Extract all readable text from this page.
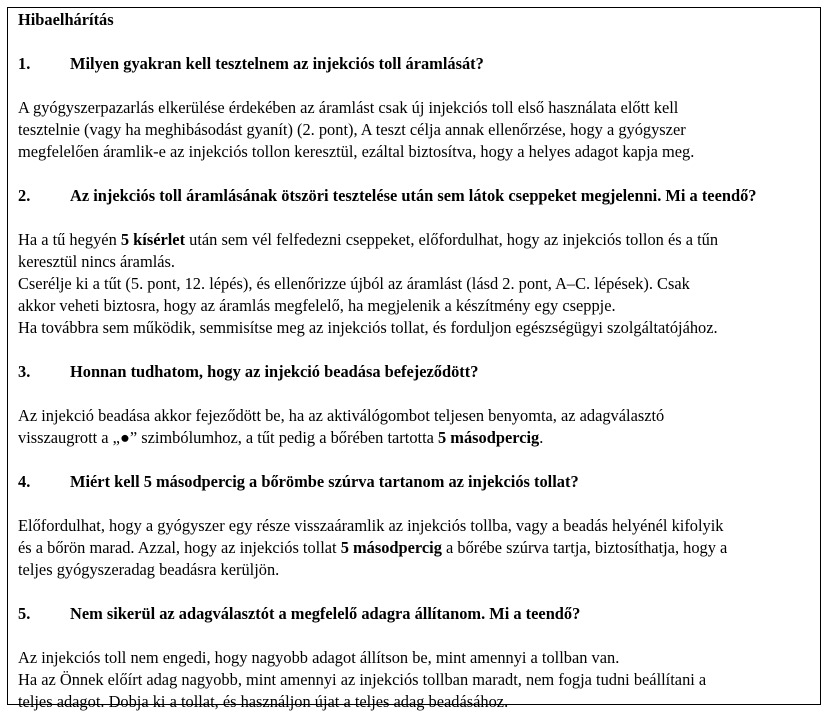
Hibaelhárítás

1.	Milyen gyakran kell tesztelnem az injekciós toll áramlását?

A gyógyszerpazarlás elkerülése érdekében az áramlást csak új injekciós toll első használata előtt kell

tesztelnie (vagy ha meghibásodást gyanít) (2. pont), A teszt célja annak ellenőrzése, hogy a gyógyszer

megfelelően áramlik-e az injekciós tollon keresztül, ezáltal biztosítva, hogy a helyes adagot kapja meg.

2.	Az injekciós toll áramlásának ötszöri tesztelése után sem látok cseppeket megjelenni. Mi a teendő?

Ha a tű hegyén 5 kísérlet után sem vél felfedezni cseppeket, előfordulhat, hogy az injekciós tollon és a tűn

keresztül nincs áramlás.

Cserélje ki a tűt (5. pont, 12. lépés), és ellenőrizze újból az áramlást (lásd 2. pont, A–C. lépések). Csak

akkor veheti biztosra, hogy az áramlás megfelelő, ha megjelenik a készítmény egy cseppje.

Ha továbbra sem működik, semmisítse meg az injekciós tollat, és forduljon egészségügyi szolgáltatójához.

3.	Honnan tudhatom, hogy az injekció beadása befejeződött?

Az injekció beadása akkor fejeződött be, ha az aktiválógombot teljesen benyomta, az adagválasztó

visszaugrott a „●” szimbólumhoz, a tűt pedig a bőrében tartotta 5 másodpercig.

4.	Miért kell 5 másodpercig a bőrömbe szúrva tartanom az injekciós tollat?

Előfordulhat, hogy a gyógyszer egy része visszaáramlik az injekciós tollba, vagy a beadás helyénél kifolyik

és a bőrön marad. Azzal, hogy az injekciós tollat 5 másodpercig a bőrébe szúrva tartja, biztosíthatja, hogy a

teljes gyógyszeradag beadásra kerüljön.

5.	Nem sikerül az adagválasztót a megfelelő adagra állítanom. Mi a teendő?

Az injekciós toll nem engedi, hogy nagyobb adagot állítson be, mint amennyi a tollban van.

Ha az Önnek előírt adag nagyobb, mint amennyi az injekciós tollban maradt, nem fogja tudni beállítani a

teljes adagot. Dobja ki a tollat, és használjon újat a teljes adag beadásához.
